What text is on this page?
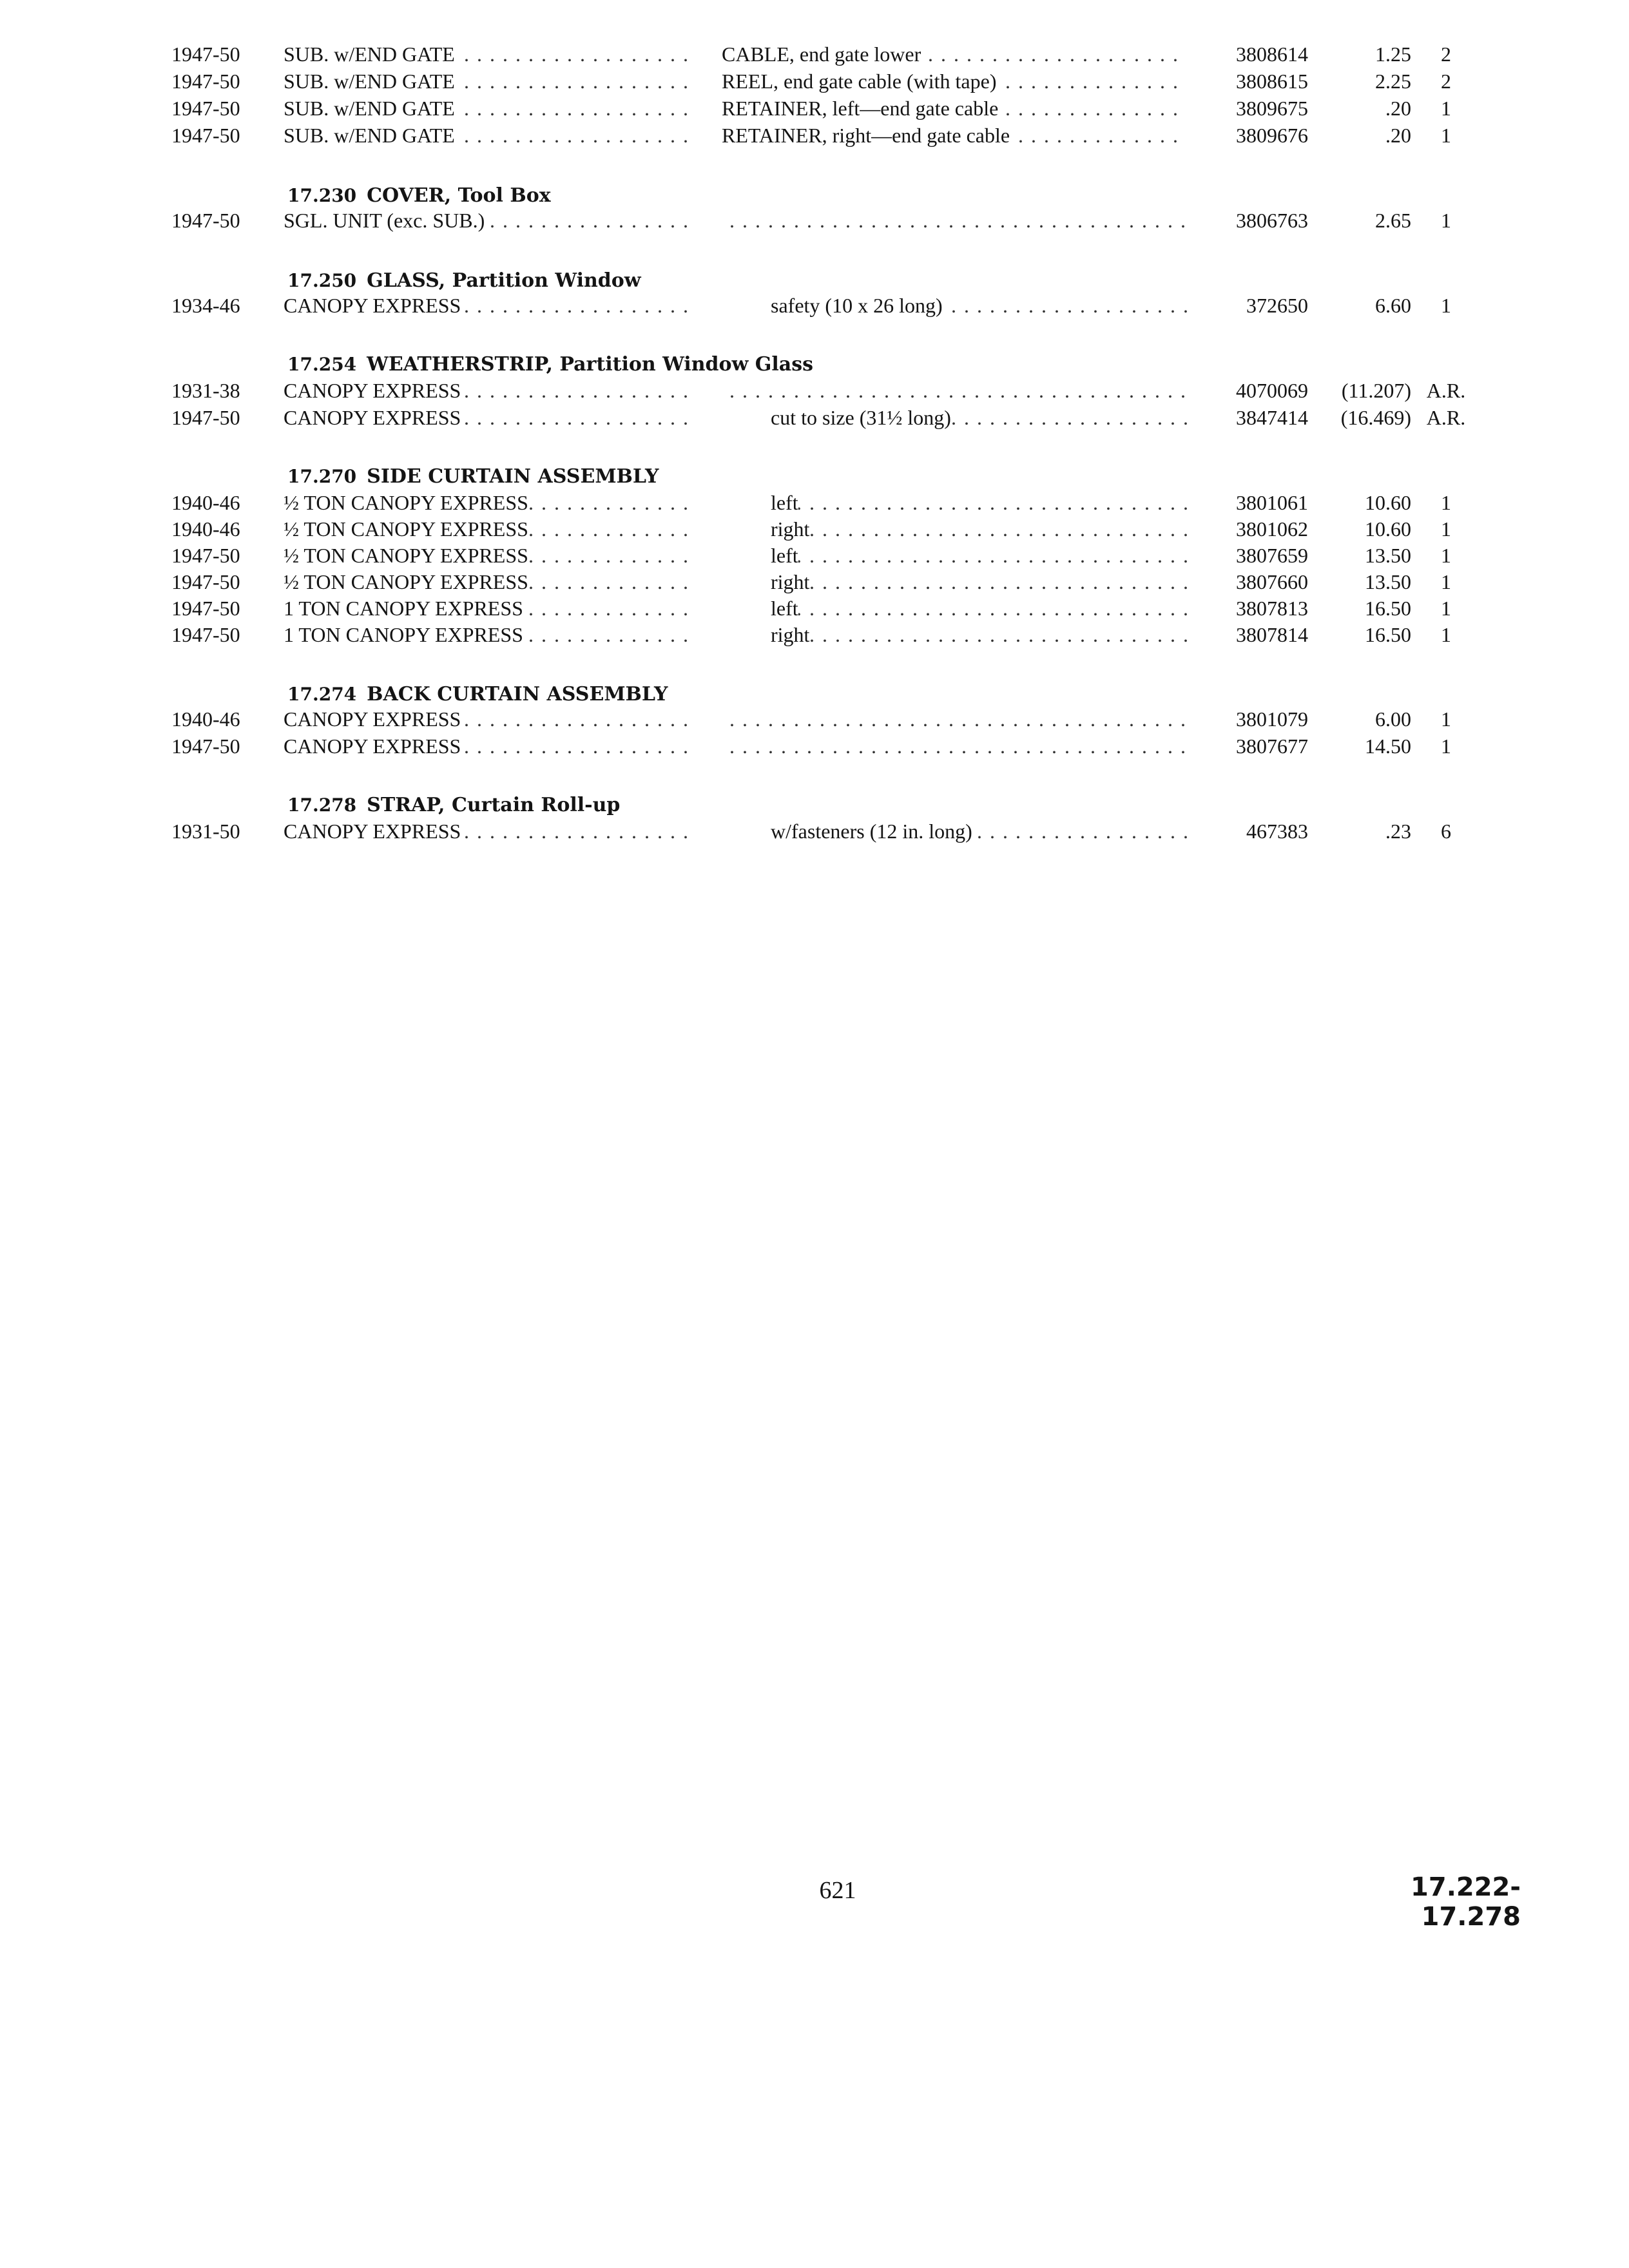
1947-50	SUB. w/END GATE . . .	CABLE, end gate lower . . .	3808614	1.25	2
1947-50	SUB. w/END GATE . . .	REEL, end gate cable (with tape) . . .	3808615	2.25	2
1947-50	SUB. w/END GATE . . .	RETAINER, left—end gate cable . . .	3809675	.20	1
1947-50	SUB. w/END GATE . . .	RETAINER, right—end gate cable . . .	3809676	.20	1
17.230 COVER, Tool Box
1947-50	SGL. UNIT (exc. SUB.) . . . . . .	3806763	2.65	1
17.250 GLASS, Partition Window
1934-46	CANOPY EXPRESS . . .	safety (10 x 26 long) . . .	372650	6.60	1
17.254 WEATHERSTRIP, Partition Window Glass
1931-38	CANOPY EXPRESS . . . . . .	4070069	(11.207) A.R.
1947-50	CANOPY EXPRESS . . .	cut to size (31½ long) . . .	3847414	(16.469) A.R.
17.270 SIDE CURTAIN ASSEMBLY
1940-46	½ TON CANOPY EXPRESS . . .	left . . .	3801061	10.60	1
1940-46	½ TON CANOPY EXPRESS . . .	right . . .	3801062	10.60	1
1947-50	½ TON CANOPY EXPRESS . . .	left . . .	3807659	13.50	1
1947-50	½ TON CANOPY EXPRESS . . .	right . . .	3807660	13.50	1
1947-50	1 TON CANOPY EXPRESS . . .	left . . .	3807813	16.50	1
1947-50	1 TON CANOPY EXPRESS . . .	right . . .	3807814	16.50	1
17.274 BACK CURTAIN ASSEMBLY
1940-46	CANOPY EXPRESS . . . . . .	3801079	6.00	1
1947-50	CANOPY EXPRESS . . . . . .	3807677	14.50	1
17.278 STRAP, Curtain Roll-up
1931-50	CANOPY EXPRESS . . .	w/fasteners (12 in. long) . . .	467383	.23	6
621	17.222-17.278
